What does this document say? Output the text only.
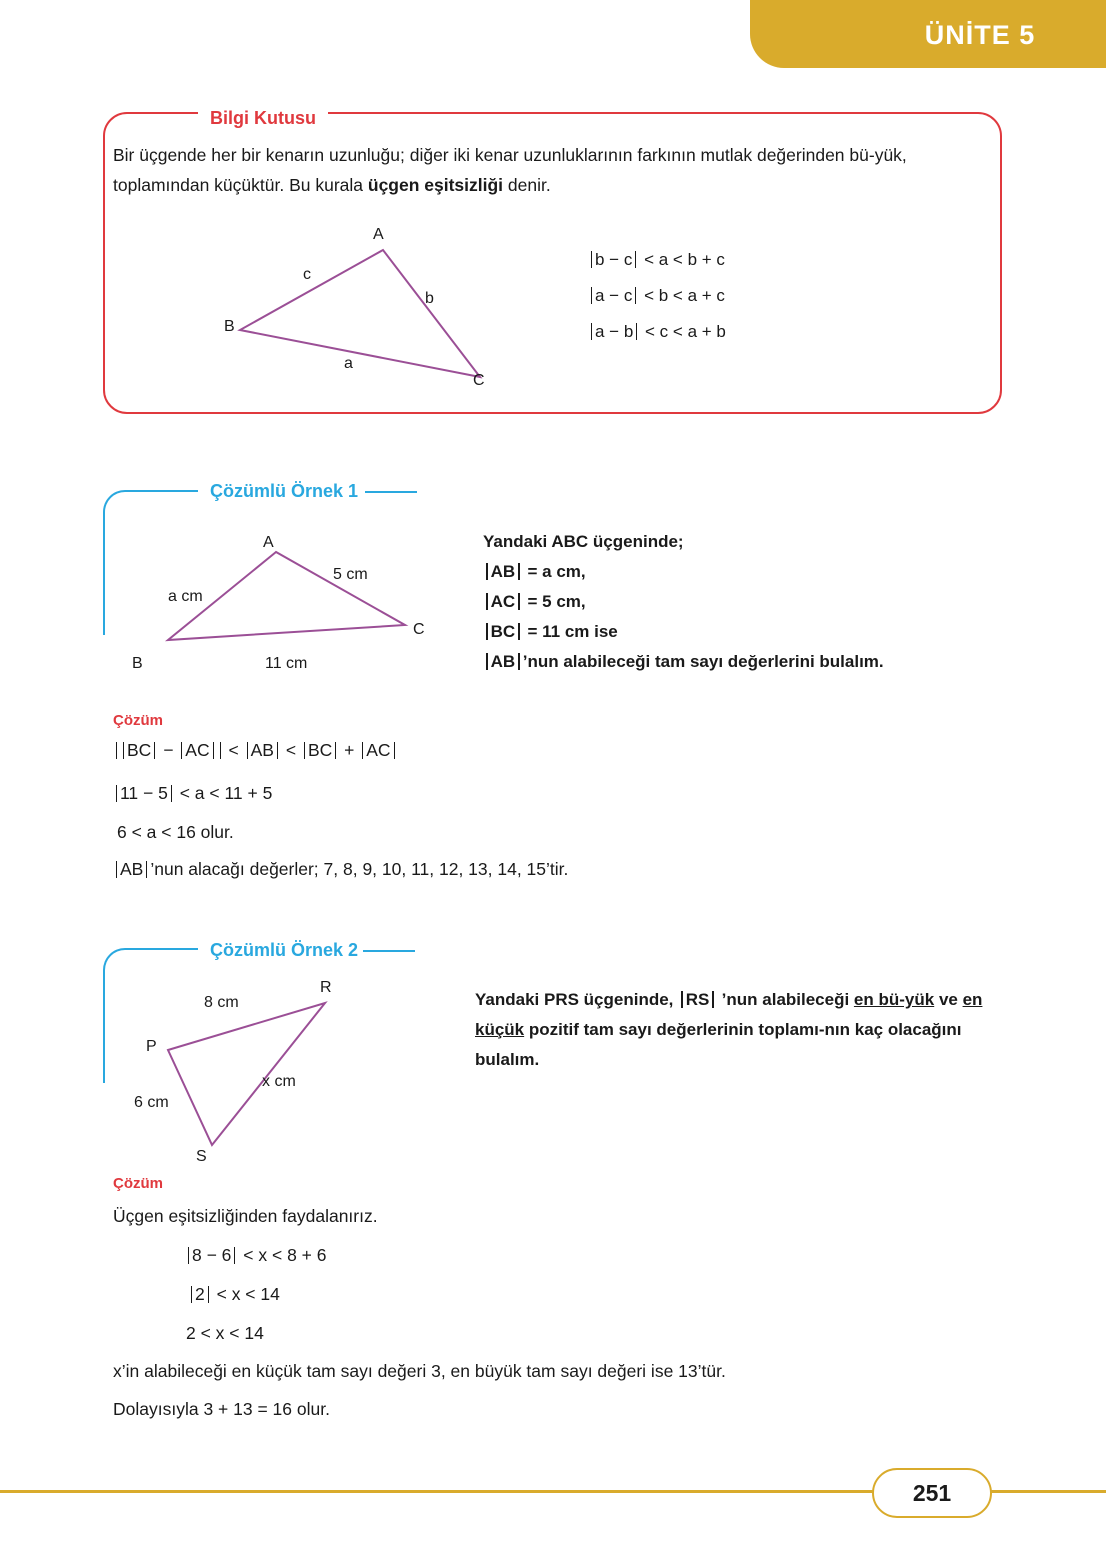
ÜNİTE 5
Bilgi Kutusu
Bir üçgende her bir kenarın uzunluğu; diğer iki kenar uzunluklarının farkının mutlak değerinden bü-yük, toplamından küçüktür. Bu kurala üçgen eşitsizliği denir.
A
B
C
c
b
a
b − c < a < b + c
a − c < b < a + c
a − b < c < a + b
Çözümlü Örnek 1
A
B
C
a cm
5 cm
11 cm
Yandaki ABC üçgeninde;
AB = a cm,
AC = 5 cm,
BC = 11 cm ise
AB ’nun alabileceği tam sayı değerlerini bulalım.
Çözüm
BC − AC < AB < BC + AC
11 − 5 < a < 11 + 5
6 < a < 16 olur.
AB ’nun alacağı değerler; 7, 8, 9, 10, 11, 12, 13, 14, 15’tir.
Çözümlü Örnek 2
P
R
S
8 cm
6 cm
x cm
Yandaki PRS üçgeninde, RS ’nun alabileceği en bü-yük ve en küçük pozitif tam sayı değerlerinin toplamı-nın kaç olacağını bulalım.
Çözüm
Üçgen eşitsizliğinden faydalanırız.
8 − 6 < x < 8 + 6
2 < x < 14
2 < x < 14
x’in alabileceği en küçük tam sayı değeri 3, en büyük tam sayı değeri ise 13’tür.
Dolayısıyla 3 + 13 = 16 olur.
251
